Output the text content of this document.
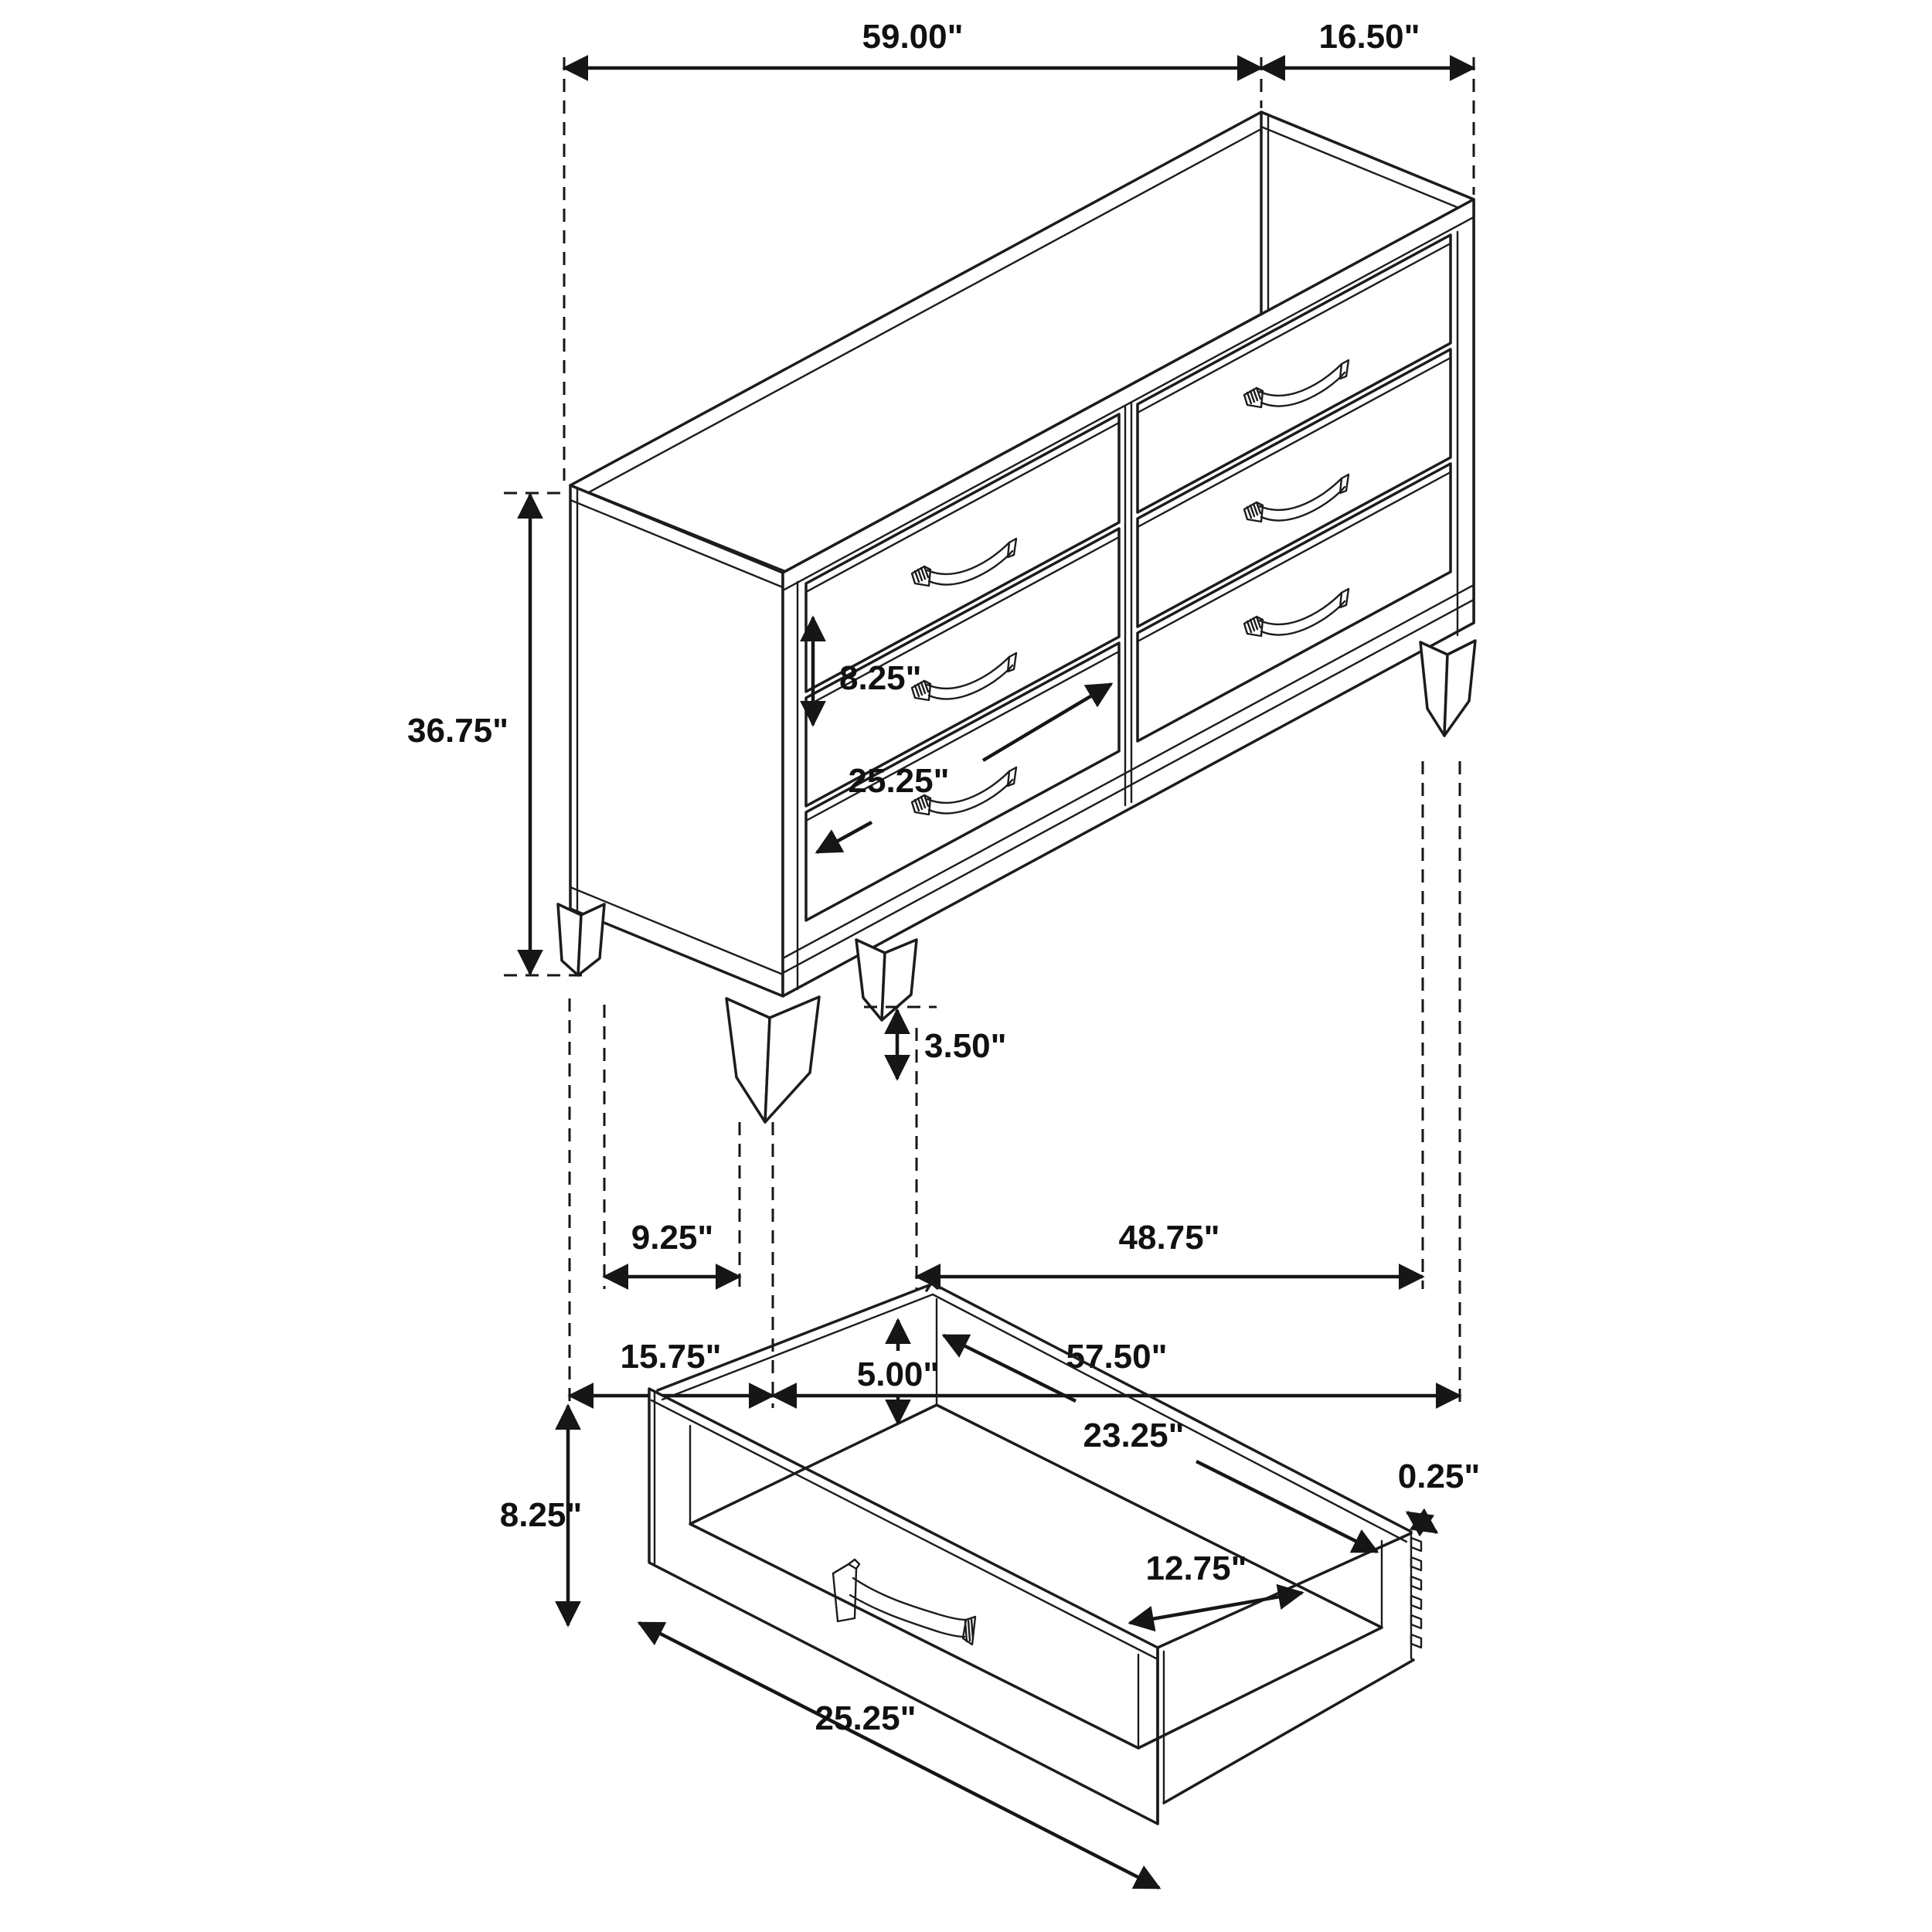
59.00"	16.50"
36.75"
8.25"
25.25"
3.50"
9.25"	48.75"
15.75"	57.50"
8.25"
5.00"
23.25"
12.75"
0.25"
25.25"
